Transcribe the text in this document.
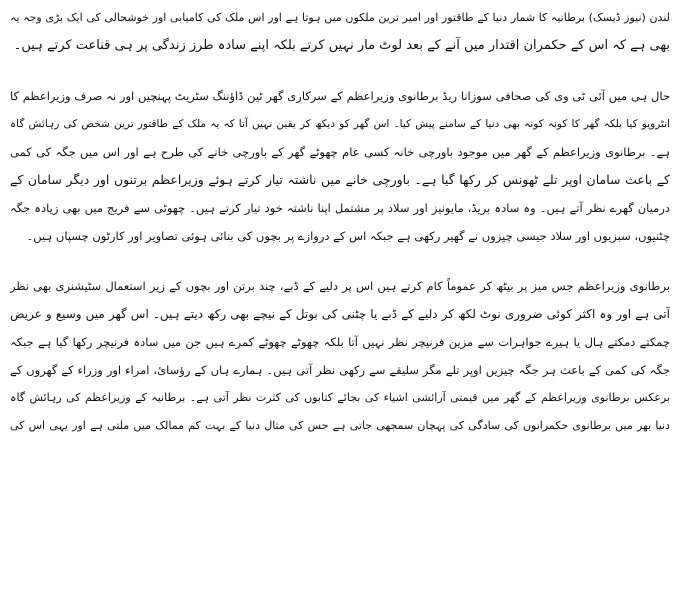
لندن (نیوز ڈیسک) برطانیہ کا شمار دنیا کے طاقتور اور امیر ترین ملکوں میں ہوتا ہے اور اس ملک کی کامیابی اور خوشحالی کی ایک بڑی وجہ یہ
بھی ہے کہ اس کے حکمران اقتدار میں آنے کے بعد لوٹ مار نہیں کرتے بلکہ اپنے سادہ طرز زندگی پر ہی قناعت کرتے ہیں۔
حال ہی میں آئی ٹی وی کی صحافی سوزانا ریڈ برطانوی وزیراعظم کے سرکاری گھر ٹین ڈاؤننگ سٹریٹ پہنچیں اور نہ صرف وزیراعظم کا
انٹرویو کیا بلکہ گھر کا کونہ کونہ بھی دنیا کے سامنے پیش کیا۔ اس گھر کو دیکھ کر یقین نہیں آتا کہ یہ ملک کے طاقتور ترین شخص کی رہائش گاہ
ہے۔ برطانوی وزیراعظم کے گھر میں موجود باورچی خانہ کسی عام چھوٹے گھر کے باورچی خانے کی طرح ہے اور اس میں جگہ کی کمی
کے باعث سامان اوپر تلے ٹھونس کر رکھا گیا ہے۔ باورچی خانے میں ناشتہ تیار کرتے ہوئے وزیراعظم برتنوں اور دیگر سامان کے
درمیان گھرے نظر آتے ہیں۔ وہ سادہ بریڈ، مایونیز اور سلاد پر مشتمل اپنا ناشتہ خود تیار کرتے ہیں۔ چھوٹی سے فریج میں بھی زیادہ جگہ
چٹنیوں، سبزیوں اور سلاد جیسی چیزوں نے گھیر رکھی ہے جبکہ اس کے دروازے پر بچوں کی بنائی ہوئی تصاویر اور کارٹون چسپاں ہیں۔
برطانوی وزیراعظم جس میز پر بیٹھ کر عموماً کام کرتے ہیں اس پر دلیے کے ڈبے، چند برتن اور بچوں کے زیر استعمال سٹیشنری بھی نظر
آتی ہے اور وہ اکثر کوئی ضروری نوٹ لکھ کر دلیے کے ڈبے یا چٹنی کی بوتل کے نیچے بھی رکھ دیتے ہیں۔ اس گھر میں وسیع و عریض
چمکتے دمکتے ہال یا ہیرے جواہرات سے مزین فرنیچر نظر نہیں آتا بلکہ چھوٹے چھوٹے کمرے ہیں جن میں سادہ فرنیچر رکھا گیا ہے جبکہ
جگہ کی کمی کے باعث ہر جگہ چیزیں اوپر تلے مگر سلیقے سے رکھی نظر آتی ہیں۔ ہمارے ہاں کے رؤسائ، امراء اور وزراء کے گھروں کے
برعکس برطانوی وزیراعظم کے گھر میں قیمتی آرائشی اشیاء کی بجائے کتابوں کی کثرت نظر آتی ہے۔ برطانیہ کے وزیراعظم کی رہائش گاہ
دنیا بھر میں برطانوی حکمرانوں کی سادگی کی پہچان سمجھی جاتی ہے جس کی مثال دنیا کے بہت کم ممالک میں ملتی ہے اور یہی اس کی
